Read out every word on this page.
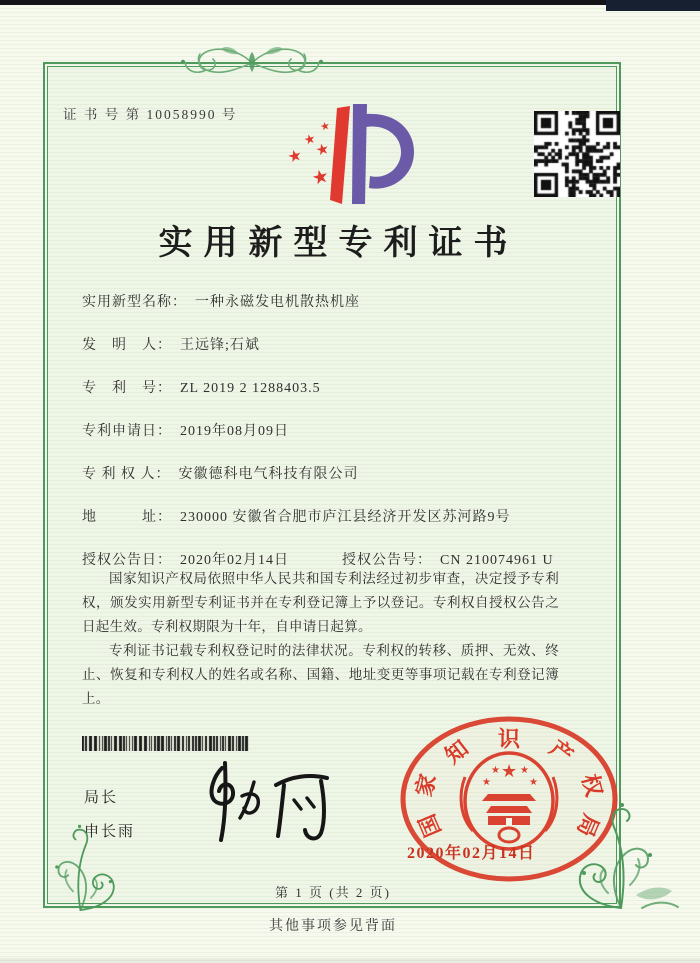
证 书 号 第 10058990 号
★
★
★
★
★
实用新型专利证书
实用新型名称： 一种永磁发电机散热机座
发　明　人： 王远锋;石斌
专　利　号： ZL 2019 2 1288403.5
专利申请日： 2019年08月09日
专 利 权 人： 安徽德科电气科技有限公司
地　　　址： 230000 安徽省合肥市庐江县经济开发区苏河路9号
授权公告日： 2020年02月14日	授权公告号： CN 210074961 U

国家知识产权局依照中华人民共和国专利法经过初步审查，决定授予专利权，颁发实用新型专利证书并在专利登记簿上予以登记。专利权自授权公告之日起生效。专利权期限为十年，自申请日起算。

专利证书记载专利权登记时的法律状况。专利权的转移、质押、无效、终止、恢复和专利权人的姓名或名称、国籍、地址变更等事项记载在专利登记簿上。

局长
申长雨
★
★
★ ★
★
国
家
知 识 产
权
局
2020年02月14日
第 1 页 (共 2 页)
其他事项参见背面
